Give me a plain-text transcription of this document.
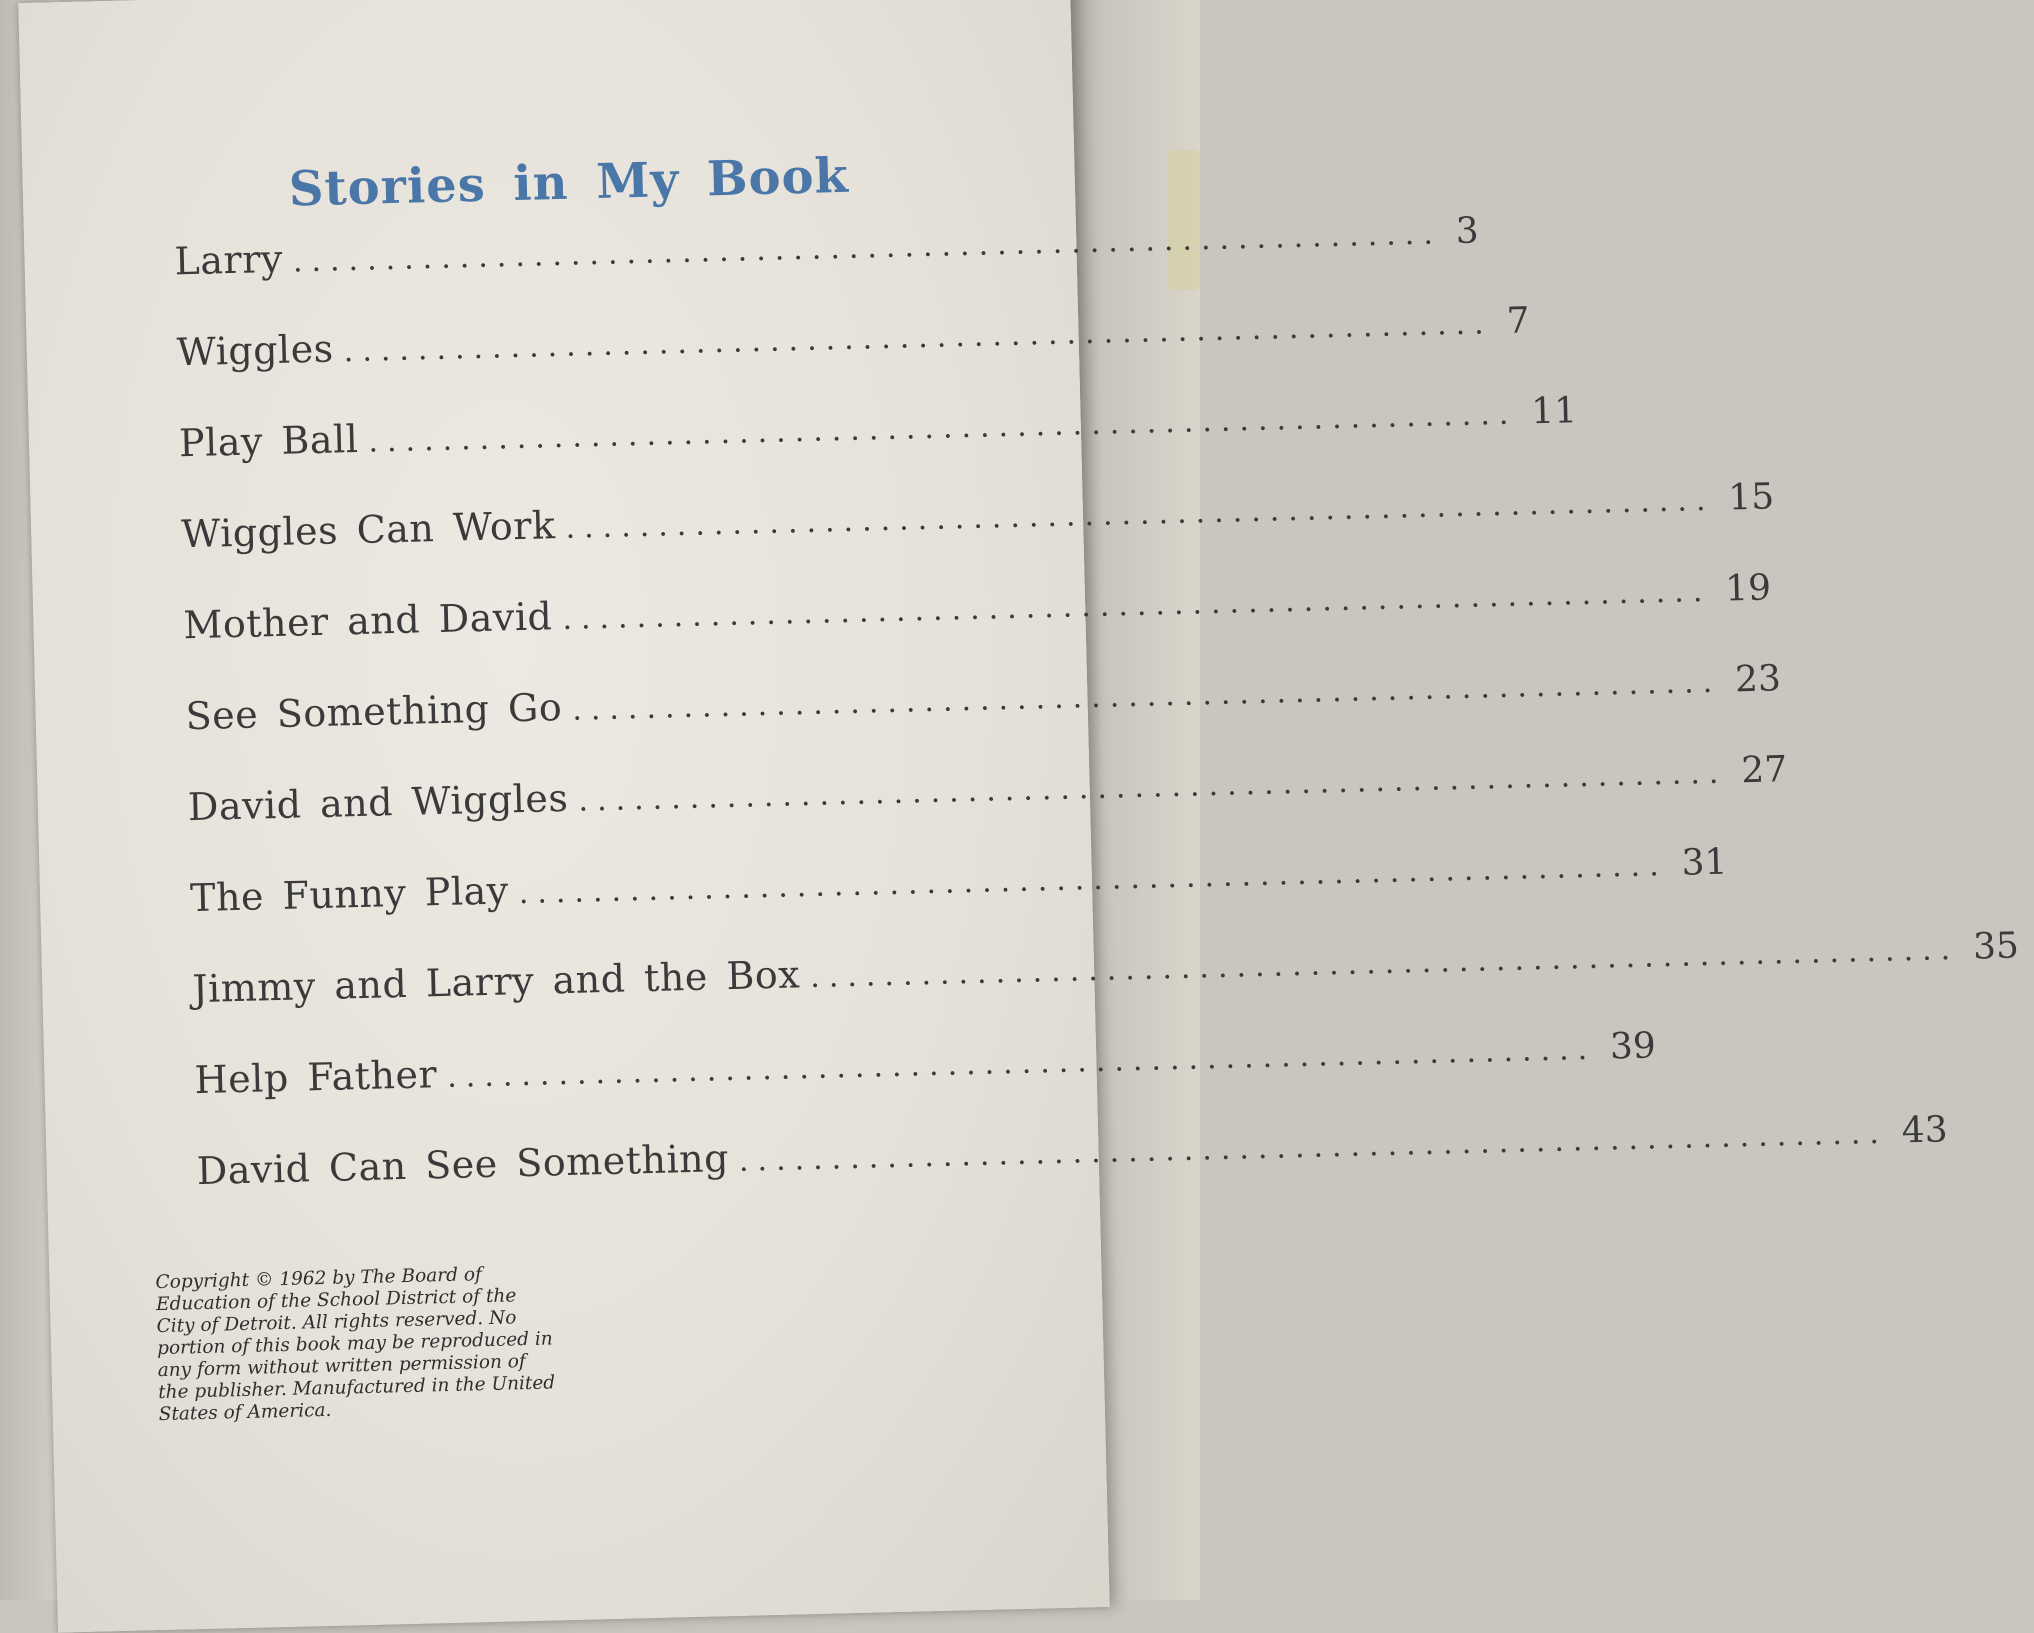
Stories in My Book
Larry .............................................................. 3
Wiggles .............................................................. 7
Play Ball .............................................................. 11
Wiggles Can Work .............................................................. 15
Mother and David .............................................................. 19
See Something Go .............................................................. 23
David and Wiggles .............................................................. 27
The Funny Play .............................................................. 31
Jimmy and Larry and the Box .............................................................. 35
Help Father .............................................................. 39
David Can See Something .............................................................. 43

Copyright © 1962 by The Board of Education of the School District of the City of Detroit. All rights reserved. No portion of this book may be reproduced in any form without written permission of the publisher. Manufactured in the United States of America.
